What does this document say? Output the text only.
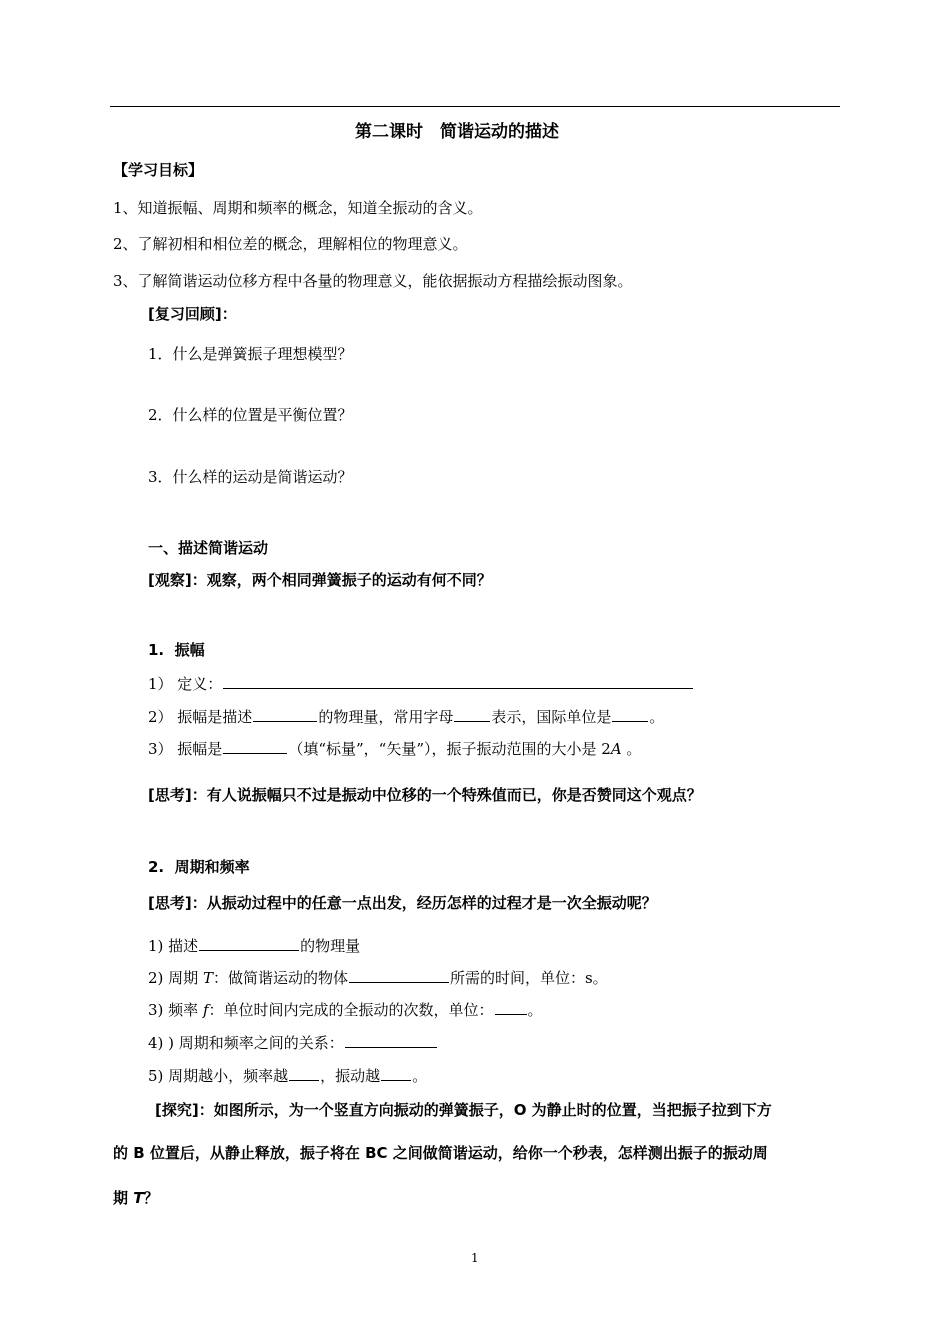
第二课时　简谐运动的描述
【学习目标】
1、知道振幅、周期和频率的概念，知道全振动的含义。
2、了解初相和相位差的概念，理解相位的物理意义。
3、了解简谐运动位移方程中各量的物理意义，能依据振动方程描绘振动图象。
[复习回顾]：
1．什么是弹簧振子理想模型？
2．什么样的位置是平衡位置？
3．什么样的运动是简谐运动？
一、描述简谐运动
[观察]：观察，两个相同弹簧振子的运动有何不同？
1. 振幅
1） 定义：
2） 振幅是描述	的物理量，常用字母	表示，国际单位是	。
3） 振幅是	（填“标量”，“矢量”），振子振动范围的大小是 2A 。
[思考]：有人说振幅只不过是振动中位移的一个特殊值而已，你是否赞同这个观点？
2. 周期和频率
[思考]：从振动过程中的任意一点出发，经历怎样的过程才是一次全振动呢？
1) 描述	的物理量
2) 周期 T：做简谐运动的物体	所需的时间，单位：s。
3) 频率 f：单位时间内完成的全振动的次数，单位： 。
4) ) 周期和频率之间的关系：
5) 周期越小，频率越 ，振动越 。
[探究]：如图所示，为一个竖直方向振动的弹簧振子，O 为静止时的位置，当把振子拉到下方
的 B 位置后，从静止释放，振子将在 BC 之间做简谐运动，给你一个秒表，怎样测出振子的振动周
期 T？
1
